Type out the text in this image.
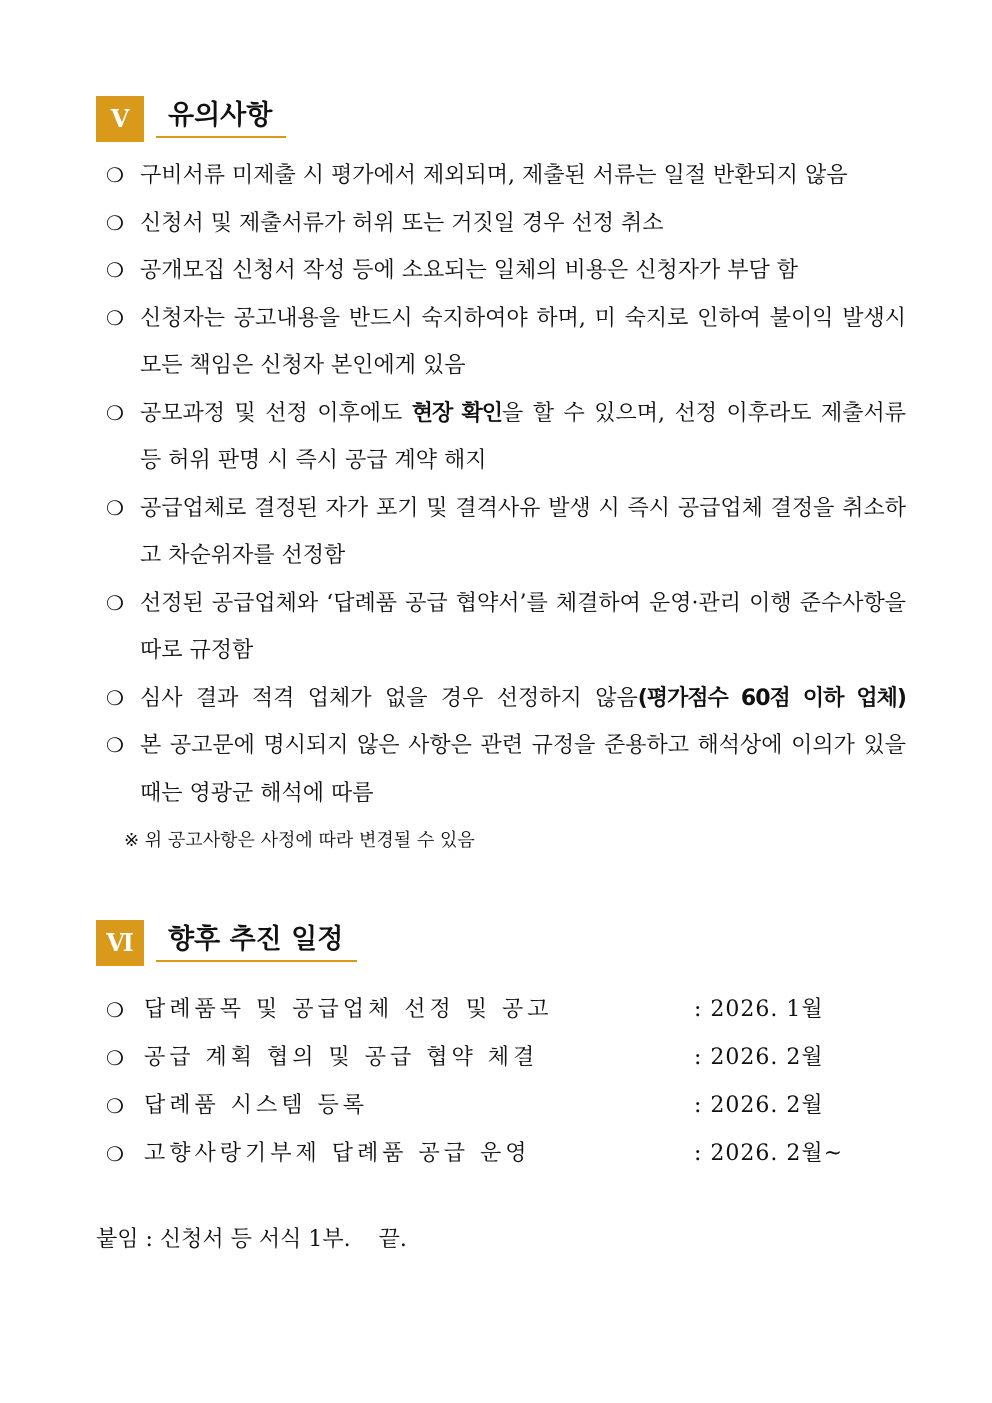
Ⅴ	유의사항
❍ 구비서류 미제출 시 평가에서 제외되며, 제출된 서류는 일절 반환되지 않음
❍ 신청서 및 제출서류가 허위 또는 거짓일 경우 선정 취소
❍ 공개모집 신청서 작성 등에 소요되는 일체의 비용은 신청자가 부담 함
❍ 신청자는 공고내용을 반드시 숙지하여야 하며, 미 숙지로 인하여 불이익 발생시 모든 책임은 신청자 본인에게 있음
❍ 공모과정 및 선정 이후에도 현장 확인을 할 수 있으며, 선정 이후라도 제출서류 등 허위 판명 시 즉시 공급 계약 해지
❍ 공급업체로 결정된 자가 포기 및 결격사유 발생 시 즉시 공급업체 결정을 취소하고 차순위자를 선정함
❍ 선정된 공급업체와 ‘답례품 공급 협약서’를 체결하여 운영·관리 이행 준수사항을 따로 규정함
❍ 심사 결과 적격 업체가 없을 경우 선정하지 않음(평가점수 60점 이하 업체)
❍ 본 공고문에 명시되지 않은 사항은 관련 규정을 준용하고 해석상에 이의가 있을 때는 영광군 해석에 따름
※ 위 공고사항은 사정에 따라 변경될 수 있음
Ⅵ	향후 추진 일정
❍ 답례품목 및 공급업체 선정 및 공고	: 2026. 1월
❍ 공급 계획 협의 및 공급 협약 체결	: 2026. 2월
❍ 답례품 시스템 등록	: 2026. 2월
❍ 고향사랑기부제 답례품 공급 운영	: 2026. 2월~
붙임 : 신청서 등 서식 1부.    끝.
